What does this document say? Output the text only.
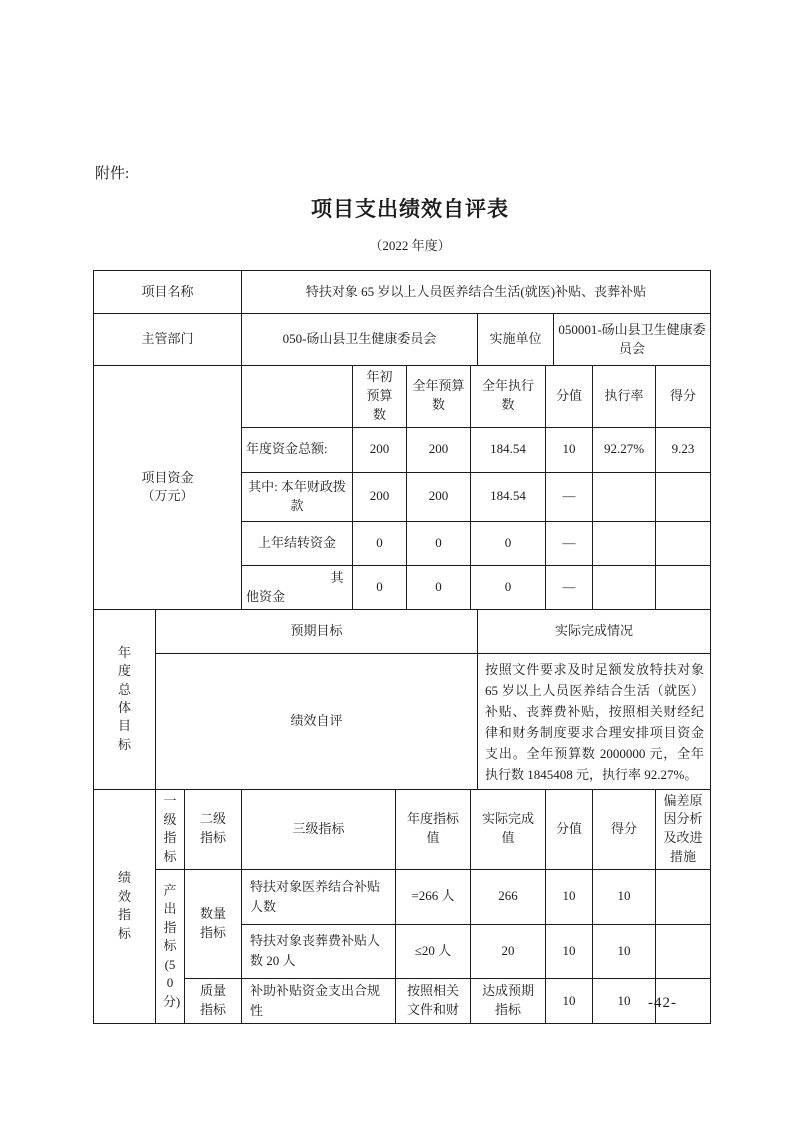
附件:
项目支出绩效自评表
（2022 年度）
项目名称	特扶对象 65 岁以上人员医养结合生活(就医)补贴、丧葬补贴		
主管部门	050-砀山县卫生健康委员会	实施单位	050001-砀山县卫生健康委员会
项目资金（万元）		年初预算数	全年预算数	全年执行数	分值	执行率	得分
	年度资金总额:	200	200	184.54	10	92.27%	9.23
	其中: 本年财政拨款	200	200	184.54	—		
	上年结转资金	0	0	0	—		
	其他资金	0	0	0	—		
年度总体目标	预期目标	实际完成情况
	绩效自评	按照文件要求及时足额发放特扶对象 65 岁以上人员医养结合生活（就医）补贴、丧葬费补贴，按照相关财经纪律和财务制度要求合理安排项目资金支出。全年预算数 2000000 元，全年执行数 1845408 元，执行率 92.27%。
绩效指标	一级指标	二级指标	三级指标	年度指标值	实际完成值	分值	得分	偏差原因分析及改进措施
	产出指标(50分)	数量指标	特扶对象医养结合补贴人数	=266 人	266	10	10	
			特扶对象丧葬费补贴人数 20 人	≤20 人	20	10	10	
		质量指标	补助补贴资金支出合规性	按照相关文件和财	达成预期指标	10	10	-42-
